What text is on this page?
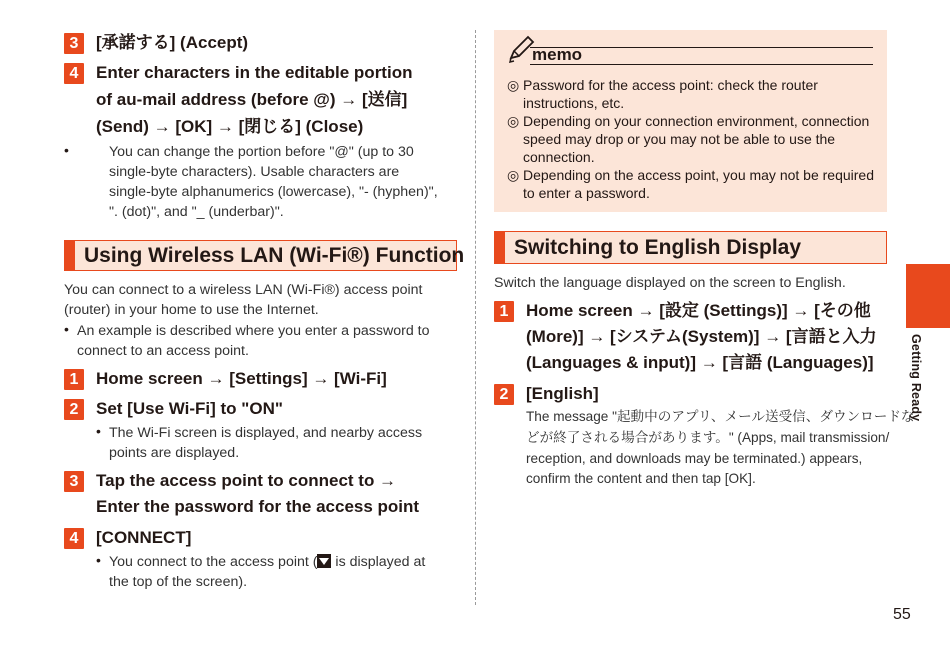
3	[承諾する] (Accept)
4	Enter characters in the editable portion
of au-mail address (before @) → [送信]
(Send) → [OK] → [閉じる] (Close)
•	You can change the portion before "@" (up to 30
single-byte characters). Usable characters are
single-byte alphanumerics (lowercase), "- (hyphen)",
". (dot)", and "_ (underbar)".
Using Wireless LAN (Wi-Fi®) Function
You can connect to a wireless LAN (Wi-Fi®) access point
(router) in your home to use the Internet.
• An example is described where you enter a password to
connect to an access point.
1	Home screen → [Settings] → [Wi-Fi]
2	Set [Use Wi-Fi] to "ON"
• The Wi-Fi screen is displayed, and nearby access
points are displayed.
3	Tap the access point to connect to →
Enter the password for the access point
4	[CONNECT]
• You connect to the access point (
is displayed at
the top of the screen).
memo
◎ Password for the access point: check the router
instructions, etc.
◎ Depending on your connection environment, connection
speed may drop or you may not be able to use the
connection.
◎ Depending on the access point, you may not be required
to enter a password.
Switching to English Display
Switch the language displayed on the screen to English.
1	Home screen → [設定 (Settings)] → [その他
(More)] → [システム(System)] → [言語と入力
(Languages & input)] → [言語 (Languages)]
2	[English]
The message "起動中のアプリ、メール送受信、ダウンロードな
どが終了される場合があります。" (Apps, mail transmission/
reception, and downloads may be terminated.) appears,
confirm the content and then tap [OK].
Getting Ready
55
